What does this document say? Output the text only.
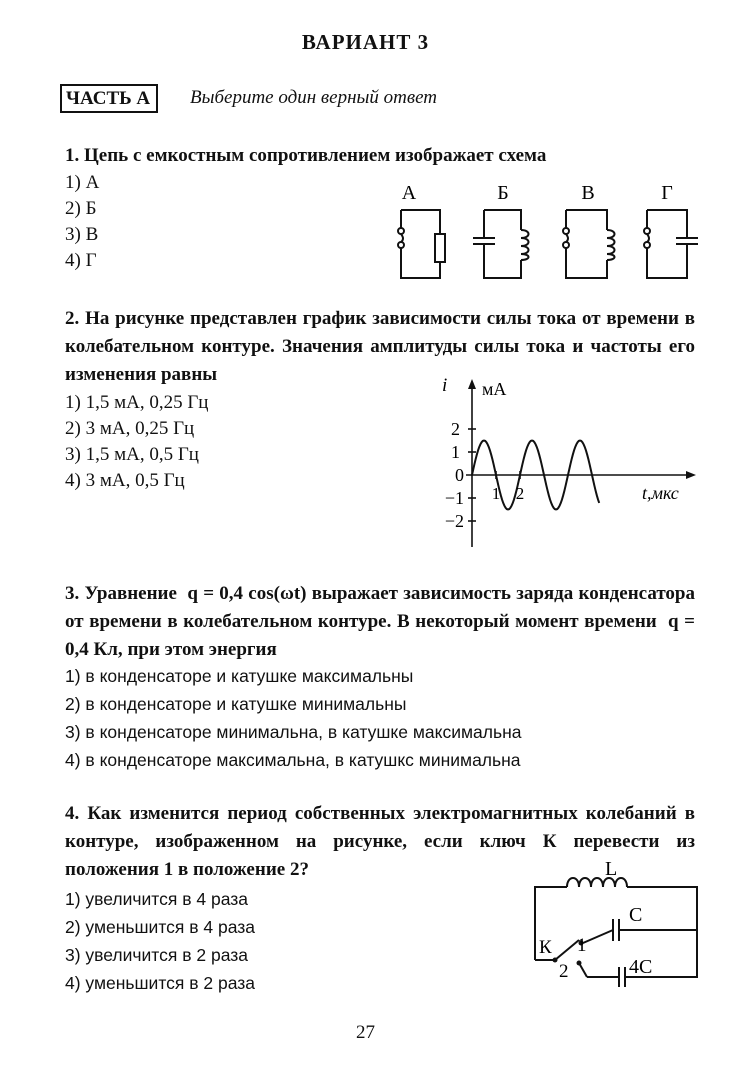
ВАРИАНТ 3
ЧАСТЬ А	Выберите один верный ответ
1. Цепь с емкостным сопротивлением изображает схема
1) А
2) Б
3) В
4) Г
А	Б	В	Г
2. На рисунке представлен график зависимости силы тока от времени в колебательном контуре. Значения амплитуды силы тока и частоты его изменения равны
1) 1,5 мА, 0,25 Гц
2) 3 мА, 0,25 Гц
3) 1,5 мА, 0,5 Гц
4) 3 мА, 0,5 Гц
i мА
2
1
0
−1
−2
1 2	t,мкс
3. Уравнение q = 0,4 cos(ωt) выражает зависимость заряда конденсатора от времени в колебательном контуре. В некоторый момент времени q = 0,4 Кл, при этом энергия
1) в конденсаторе и катушке максимальны
2) в конденсаторе и катушке минимальны
3) в конденсаторе минимальна, в катушке максимальна
4) в конденсаторе максимальна, в катушкс минимальна
4. Как изменится период собственных электромагнитных колебаний в контуре, изображенном на рисунке, если ключ К перевести из положения 1 в положение 2?
1) увеличится в 4 раза
2) уменьшится в 4 раза
3) увеличится в 2 раза
4) уменьшится в 2 раза
L
C
4C
К 1
2
27
